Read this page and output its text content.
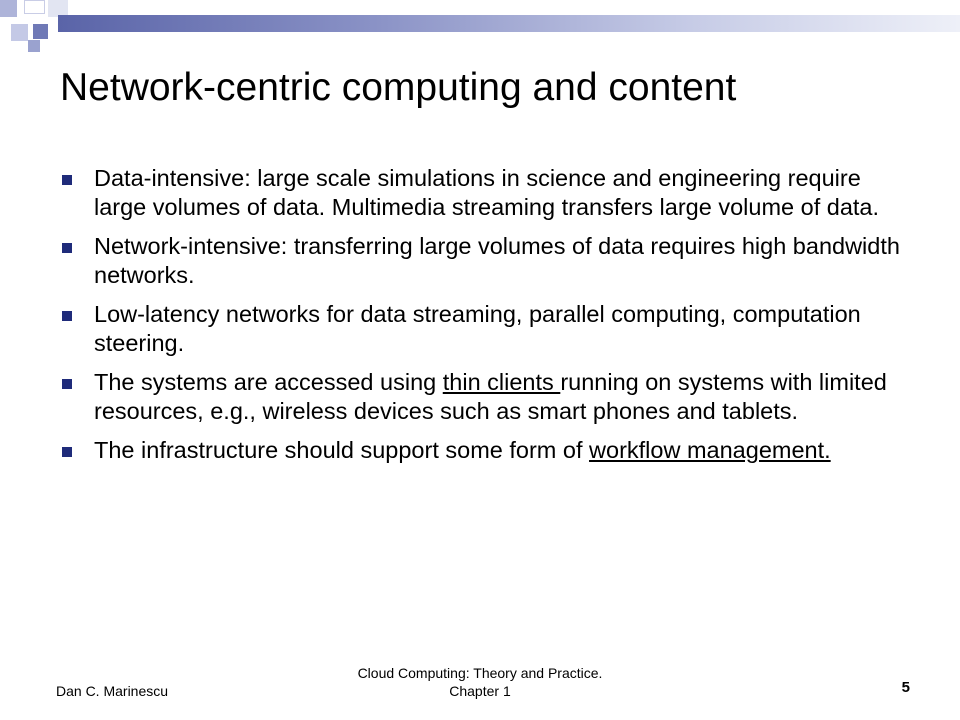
Network-centric computing and content
Data-intensive: large scale simulations in science and engineering require large volumes of data. Multimedia streaming transfers large volume of data.
Network-intensive: transferring large volumes of data requires high bandwidth networks.
Low-latency networks for data streaming, parallel computing, computation steering.
The systems are accessed using thin clients running on systems with limited resources, e.g., wireless devices such as smart phones and tablets.
The infrastructure should support some form of workflow management.
Dan C. Marinescu
Cloud Computing: Theory and Practice.
Chapter 1	5
